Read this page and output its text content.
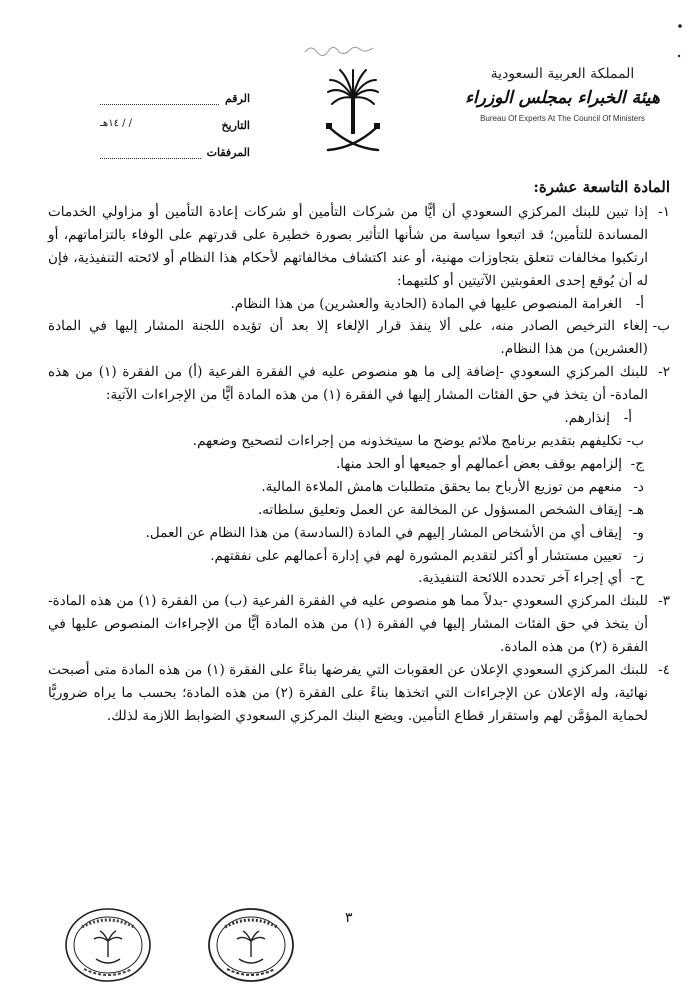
الرقم
التاريخ
/ / ١٤هـ
المرفقات
المملكة العربية السعودية
هيئة الخبراء بمجلس الوزراء
Bureau Of Experts At The Council Of Ministers
المادة التاسعة عشرة:
١-
إذا تبين للبنك المركزي السعودي أن أيًّا من شركات التأمين أو شركات إعادة التأمين أو مزاولي الخدمات المساندة للتأمين؛ قد اتبعوا سياسة من شأنها التأثير بصورة خطيرة على قدرتهم على الوفاء بالتزاماتهم، أو ارتكبوا مخالفات تتعلق بتجاوزات مهنية، أو عند اكتشاف مخالفاتهم لأحكام هذا النظام أو لائحته التنفيذية، فإن له أن يُوقع إحدى العقوبتين الآتيتين أو كلتيهما:
أ-
الغرامة المنصوص عليها في المادة (الحادية والعشرين) من هذا النظام.
ب-
إلغاء الترخيص الصادر منه، على ألا ينفذ قرار الإلغاء إلا بعد أن تؤيده اللجنة المشار إليها في المادة (العشرين) من هذا النظام.
٢-
للبنك المركزي السعودي -إضافة إلى ما هو منصوص عليه في الفقرة الفرعية (أ) من الفقرة (١) من هذه المادة- أن يتخذ في حق الفئات المشار إليها في الفقرة (١) من هذه المادة أيًّا من الإجراءات الآتية:
أ-
إنذارهم.
ب-
تكليفهم بتقديم برنامج ملائم يوضح ما سيتخذونه من إجراءات لتصحيح وضعهم.
ج-
إلزامهم بوقف بعض أعمالهم أو جميعها أو الحد منها.
د-
منعهم من توزيع الأرباح بما يحقق متطلبات هامش الملاءة المالية.
هـ-
إيقاف الشخص المسؤول عن المخالفة عن العمل وتعليق سلطاته.
و-
إيقاف أي من الأشخاص المشار إليهم في المادة (السادسة) من هذا النظام عن العمل.
ز-
تعيين مستشار أو أكثر لتقديم المشورة لهم في إدارة أعمالهم على نفقتهم.
ح-
أي إجراء آخر تحدده اللائحة التنفيذية.
٣-
للبنك المركزي السعودي -بدلاً مما هو منصوص عليه في الفقرة الفرعية (ب) من الفقرة (١) من هذه المادة- أن يتخذ في حق الفئات المشار إليها في الفقرة (١) من هذه المادة أيًّا من الإجراءات المنصوص عليها في الفقرة (٢) من هذه المادة.
٤-
للبنك المركزي السعودي الإعلان عن العقوبات التي يفرضها بناءً على الفقرة (١) من هذه المادة متى أصبحت نهائية، وله الإعلان عن الإجراءات التي اتخذها بناءً على الفقرة (٢) من هذه المادة؛ بحسب ما يراه ضروريًّا لحماية المؤمَّن لهم واستقرار قطاع التأمين. ويضع البنك المركزي السعودي الضوابط اللازمة لذلك.
٣
